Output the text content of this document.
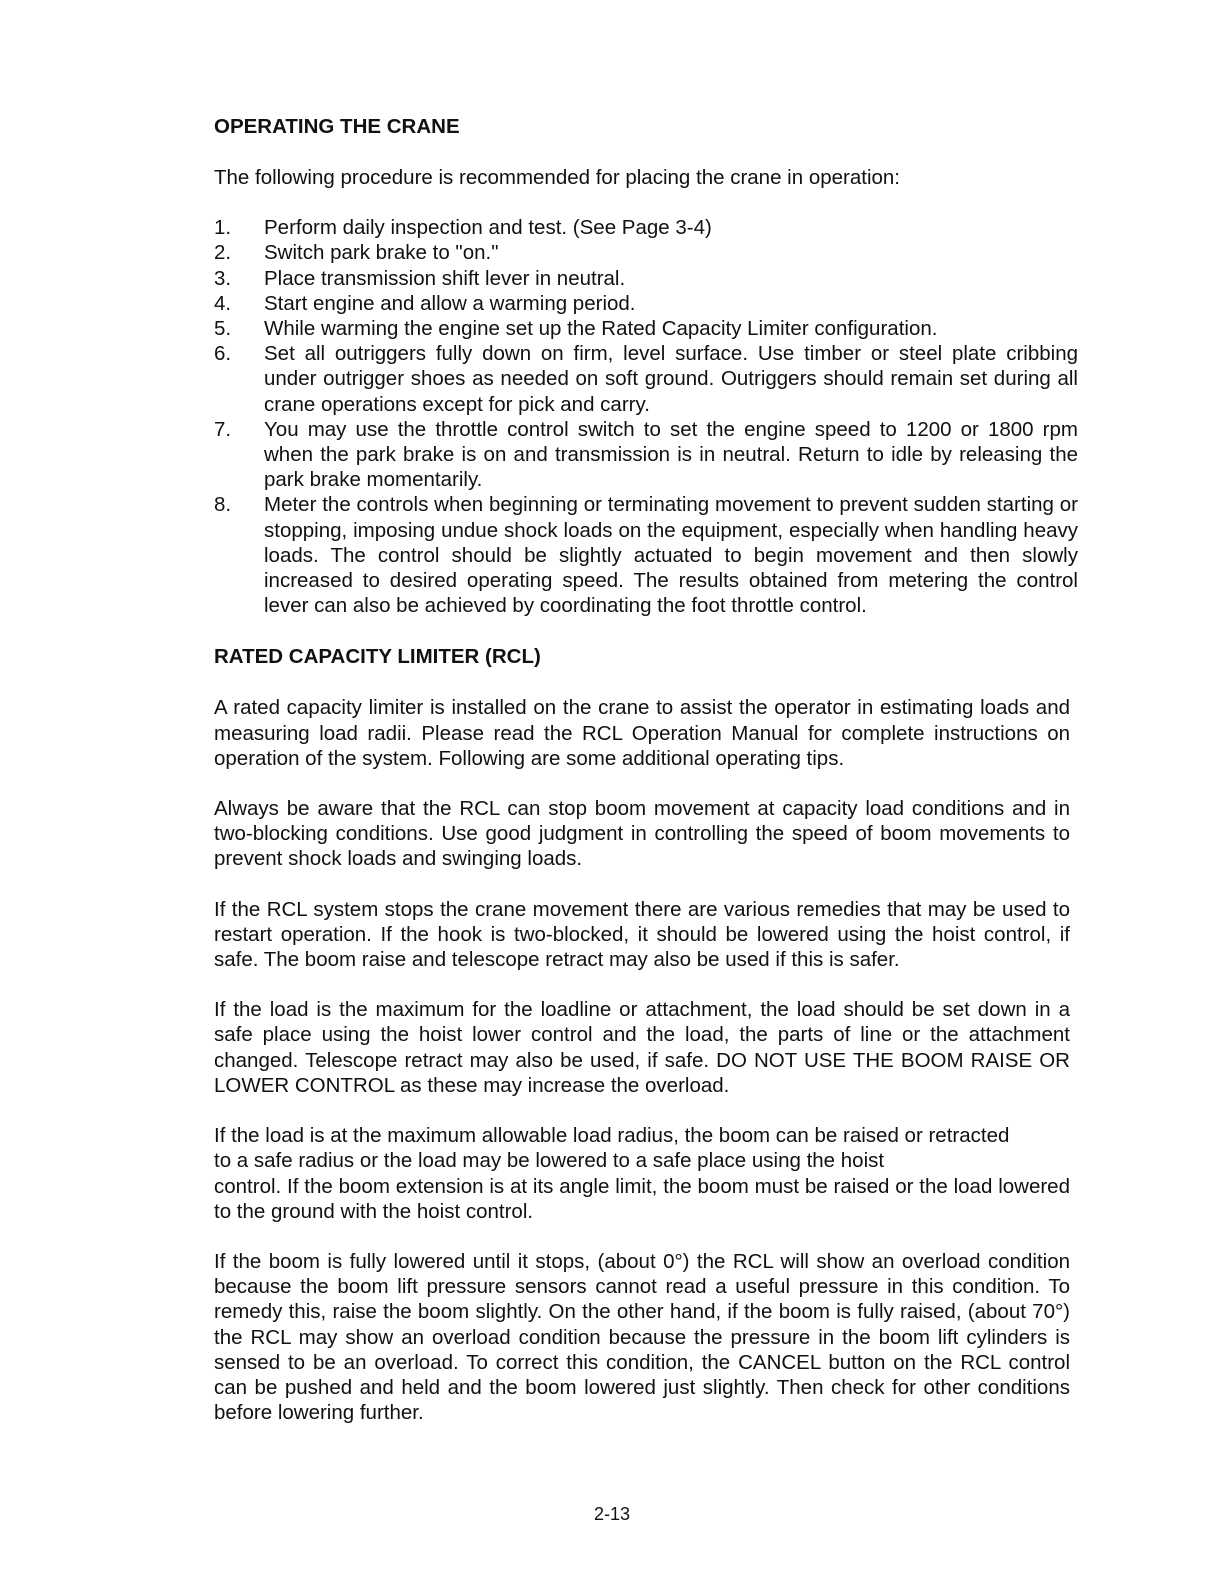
OPERATING THE CRANE

The following procedure is recommended for placing the crane in operation:

1.	Perform daily inspection and test. (See Page 3-4)
2.	Switch park brake to "on."
3.	Place transmission shift lever in neutral.
4.	Start engine and allow a warming period.
5.	While warming the engine set up the Rated Capacity Limiter configuration.
6.	Set all outriggers fully down on firm, level surface. Use timber or steel plate cribbing under outrigger shoes as needed on soft ground. Outriggers should remain set during all crane operations except for pick and carry.
7.	You may use the throttle control switch to set the engine speed to 1200 or 1800 rpm when the park brake is on and transmission is in neutral. Return to idle by releasing the park brake momentarily.
8.	Meter the controls when beginning or terminating movement to prevent sudden starting or stopping, imposing undue shock loads on the equipment, especially when handling heavy loads. The control should be slightly actuated to begin movement and then slowly increased to desired operating speed. The results obtained from metering the control lever can also be achieved by coordinating the foot throttle control.
RATED CAPACITY LIMITER (RCL)

A rated capacity limiter is installed on the crane to assist the operator in estimating loads and measuring load radii. Please read the RCL Operation Manual for complete instructions on operation of the system. Following are some additional operating tips.

Always be aware that the RCL can stop boom movement at capacity load conditions and in two-blocking conditions. Use good judgment in controlling the speed of boom movements to prevent shock loads and swinging loads.

If the RCL system stops the crane movement there are various remedies that may be used to restart operation. If the hook is two-blocked, it should be lowered using the hoist control, if safe. The boom raise and telescope retract may also be used if this is safer.

If the load is the maximum for the loadline or attachment, the load should be set down in a safe place using the hoist lower control and the load, the parts of line or the attachment changed. Telescope retract may also be used, if safe. DO NOT USE THE BOOM RAISE OR LOWER CONTROL as these may increase the overload.

If the load is at the maximum allowable load radius, the boom can be raised or retracted

to a safe radius or the load may be lowered to a safe place using the hoist

control. If the boom extension is at its angle limit, the boom must be raised or the load lowered to the ground with the hoist control.

If the boom is fully lowered until it stops, (about 0°) the RCL will show an overload condition because the boom lift pressure sensors cannot read a useful pressure in this condition. To remedy this, raise the boom slightly. On the other hand, if the boom is fully raised, (about 70°) the RCL may show an overload condition because the pressure in the boom lift cylinders is sensed to be an overload. To correct this condition, the CANCEL button on the RCL control can be pushed and held and the boom lowered just slightly. Then check for other conditions before lowering further.

2-13
